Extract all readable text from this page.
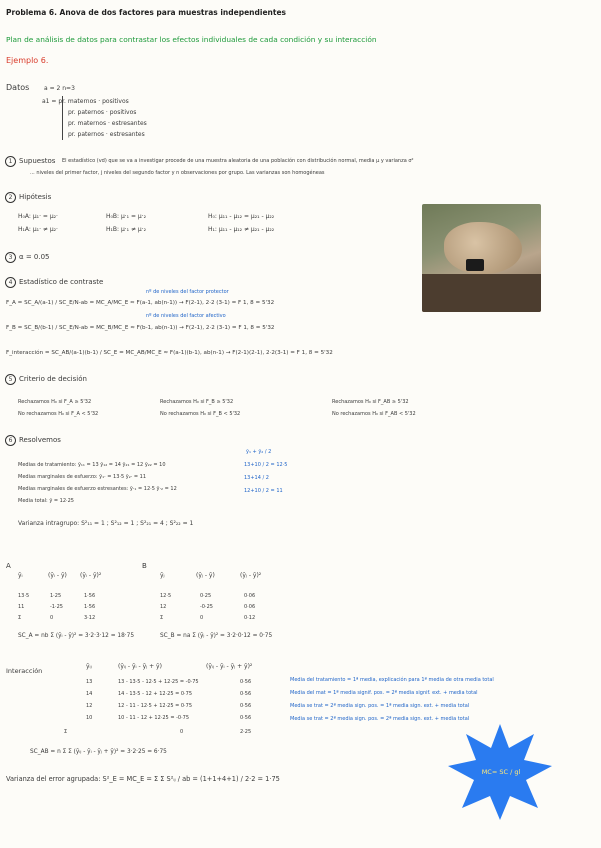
Problema 6. Anova de dos factores para muestras independientes
Plan de análisis de datos para contrastar los efectos individuales de cada condición y su interacción
Ejemplo 6.
Datos a = 2 n=3
a1 = pr. maternos · positivos
pr. paternos · positivos
pr. maternos · estresantes
pr. paternos · estresantes
1 Supuestos El estadístico (vd) que se va a investigar procede de una muestra aleatoria de una población con distribución normal, media μ y varianza σ²
... niveles del primer factor, j niveles del segundo factor y n observaciones por grupo. Las varianzas son homogéneas
2 Hipótesis
H₀A: μ₁· = μ₂·
H₁A: μ₁· ≠ μ₂·
H₀B: μ·₁ = μ·₂
H₁B: μ·₁ ≠ μ·₂
H₀: μ₁₁ - μ₁₂ = μ₂₁ - μ₂₂
H₁: μ₁₁ - μ₁₂ ≠ μ₂₁ - μ₂₂
3 α = 0.05
4 Estadístico de contraste
nº de niveles del factor protector
F_A = SC_A/(a-1) / SC_E/N-ab = MC_A/MC_E ≈ F(a-1, ab(n-1)) → F(2-1), 2·2 (3-1) = F 1, 8 = 5'32
nº de niveles del factor afectivo
F_B = SC_B/(b-1) / SC_E/N-ab = MC_B/MC_E ≈ F(b-1, ab(n-1)) → F(2-1), 2·2 (3-1) = F 1, 8 = 5'32
F_interacción = SC_AB/(a-1)(b-1) / SC_E = MC_AB/MC_E ≈ F(a-1)(b-1), ab(n-1) → F(2-1)(2-1), 2·2(3-1) = F 1, 8 = 5'32
5 Criterio de decisión
Rechazamos H₀ si F_A ≥ 5'32
No rechazamos H₀ si F_A < 5'32
Rechazamos H₀ si F_B ≥ 5'32
No rechazamos H₀ si F_B < 5'32
Rechazamos H₀ si F_AB ≥ 5'32
No rechazamos H₀ si F_AB < 5'32
6 Resolvemos
Medias de tratamiento: ȳ₁₁ = 13 ȳ₁₂ = 14 ȳ₂₁ = 12 ȳ₂₂ = 10
Medias marginales de esfuerzo: ȳ₁· = 13·5 ȳ₂· = 11
Medias marginales de esfuerzo estresantes: ȳ·₁ = 12·5 ȳ·₂ = 12
Media total: ȳ = 12·25
ȳ₁ + ȳ₂ / 2
13+10 / 2 = 12·5
13+14 / 2
12+10 / 2 = 11
Varianza intragrupo: S²₁₁ = 1 ; S²₁₂ = 1 ; S²₂₁ = 4 ; S²₂₂ = 1
A
ȳᵢ	(ȳᵢ - ȳ) (ȳᵢ - ȳ)²
13·5	1·25	1·56
11	-1·25	1·56
Σ	0	3·12
SC_A = nb Σ (ȳᵢ - ȳ)² = 3·2·3·12 = 18·75
B
ȳⱼ	(ȳⱼ - ȳ)	(ȳⱼ - ȳ)²
12·5	0·25	0·06
12	-0·25	0·06
Σ	0	0·12
SC_B = na Σ (ȳⱼ - ȳ)² = 3·2·0·12 = 0·75
Interacción
ȳᵢⱼ	(ȳᵢⱼ - ȳᵢ - ȳⱼ + ȳ)	(ȳᵢⱼ - ȳᵢ - ȳⱼ + ȳ)²
13	13 - 13·5 - 12·5 + 12·25 = -0·75	0·56
14	14 - 13·5 - 12 + 12·25 = 0·75	0·56
12	12 - 11 - 12·5 + 12·25 = 0·75	0·56
10	10 - 11 - 12 + 12·25 = -0·75	0·56
Σ	0	2·25
SC_AB = n Σ Σ (ȳᵢⱼ - ȳᵢ - ȳⱼ + ȳ)² = 3·2·25 = 6·75
Varianza del error agrupada: S²_E = MC_E = Σ Σ S²ᵢⱼ / ab = (1+1+4+1) / 2·2 = 1·75
Media del tratamiento = 1ª media, explicación para 1ª media de otra media total
Media del mat = 1ª media signif. pos. = 2ª media signif. ext. + media total
Media se trat = 2ª media sign. pos. = 1ª media sign. ext. + media total
Media se trat = 2ª media sign. pos. = 2ª media sign. ext. + media total
MC= SC / gl
